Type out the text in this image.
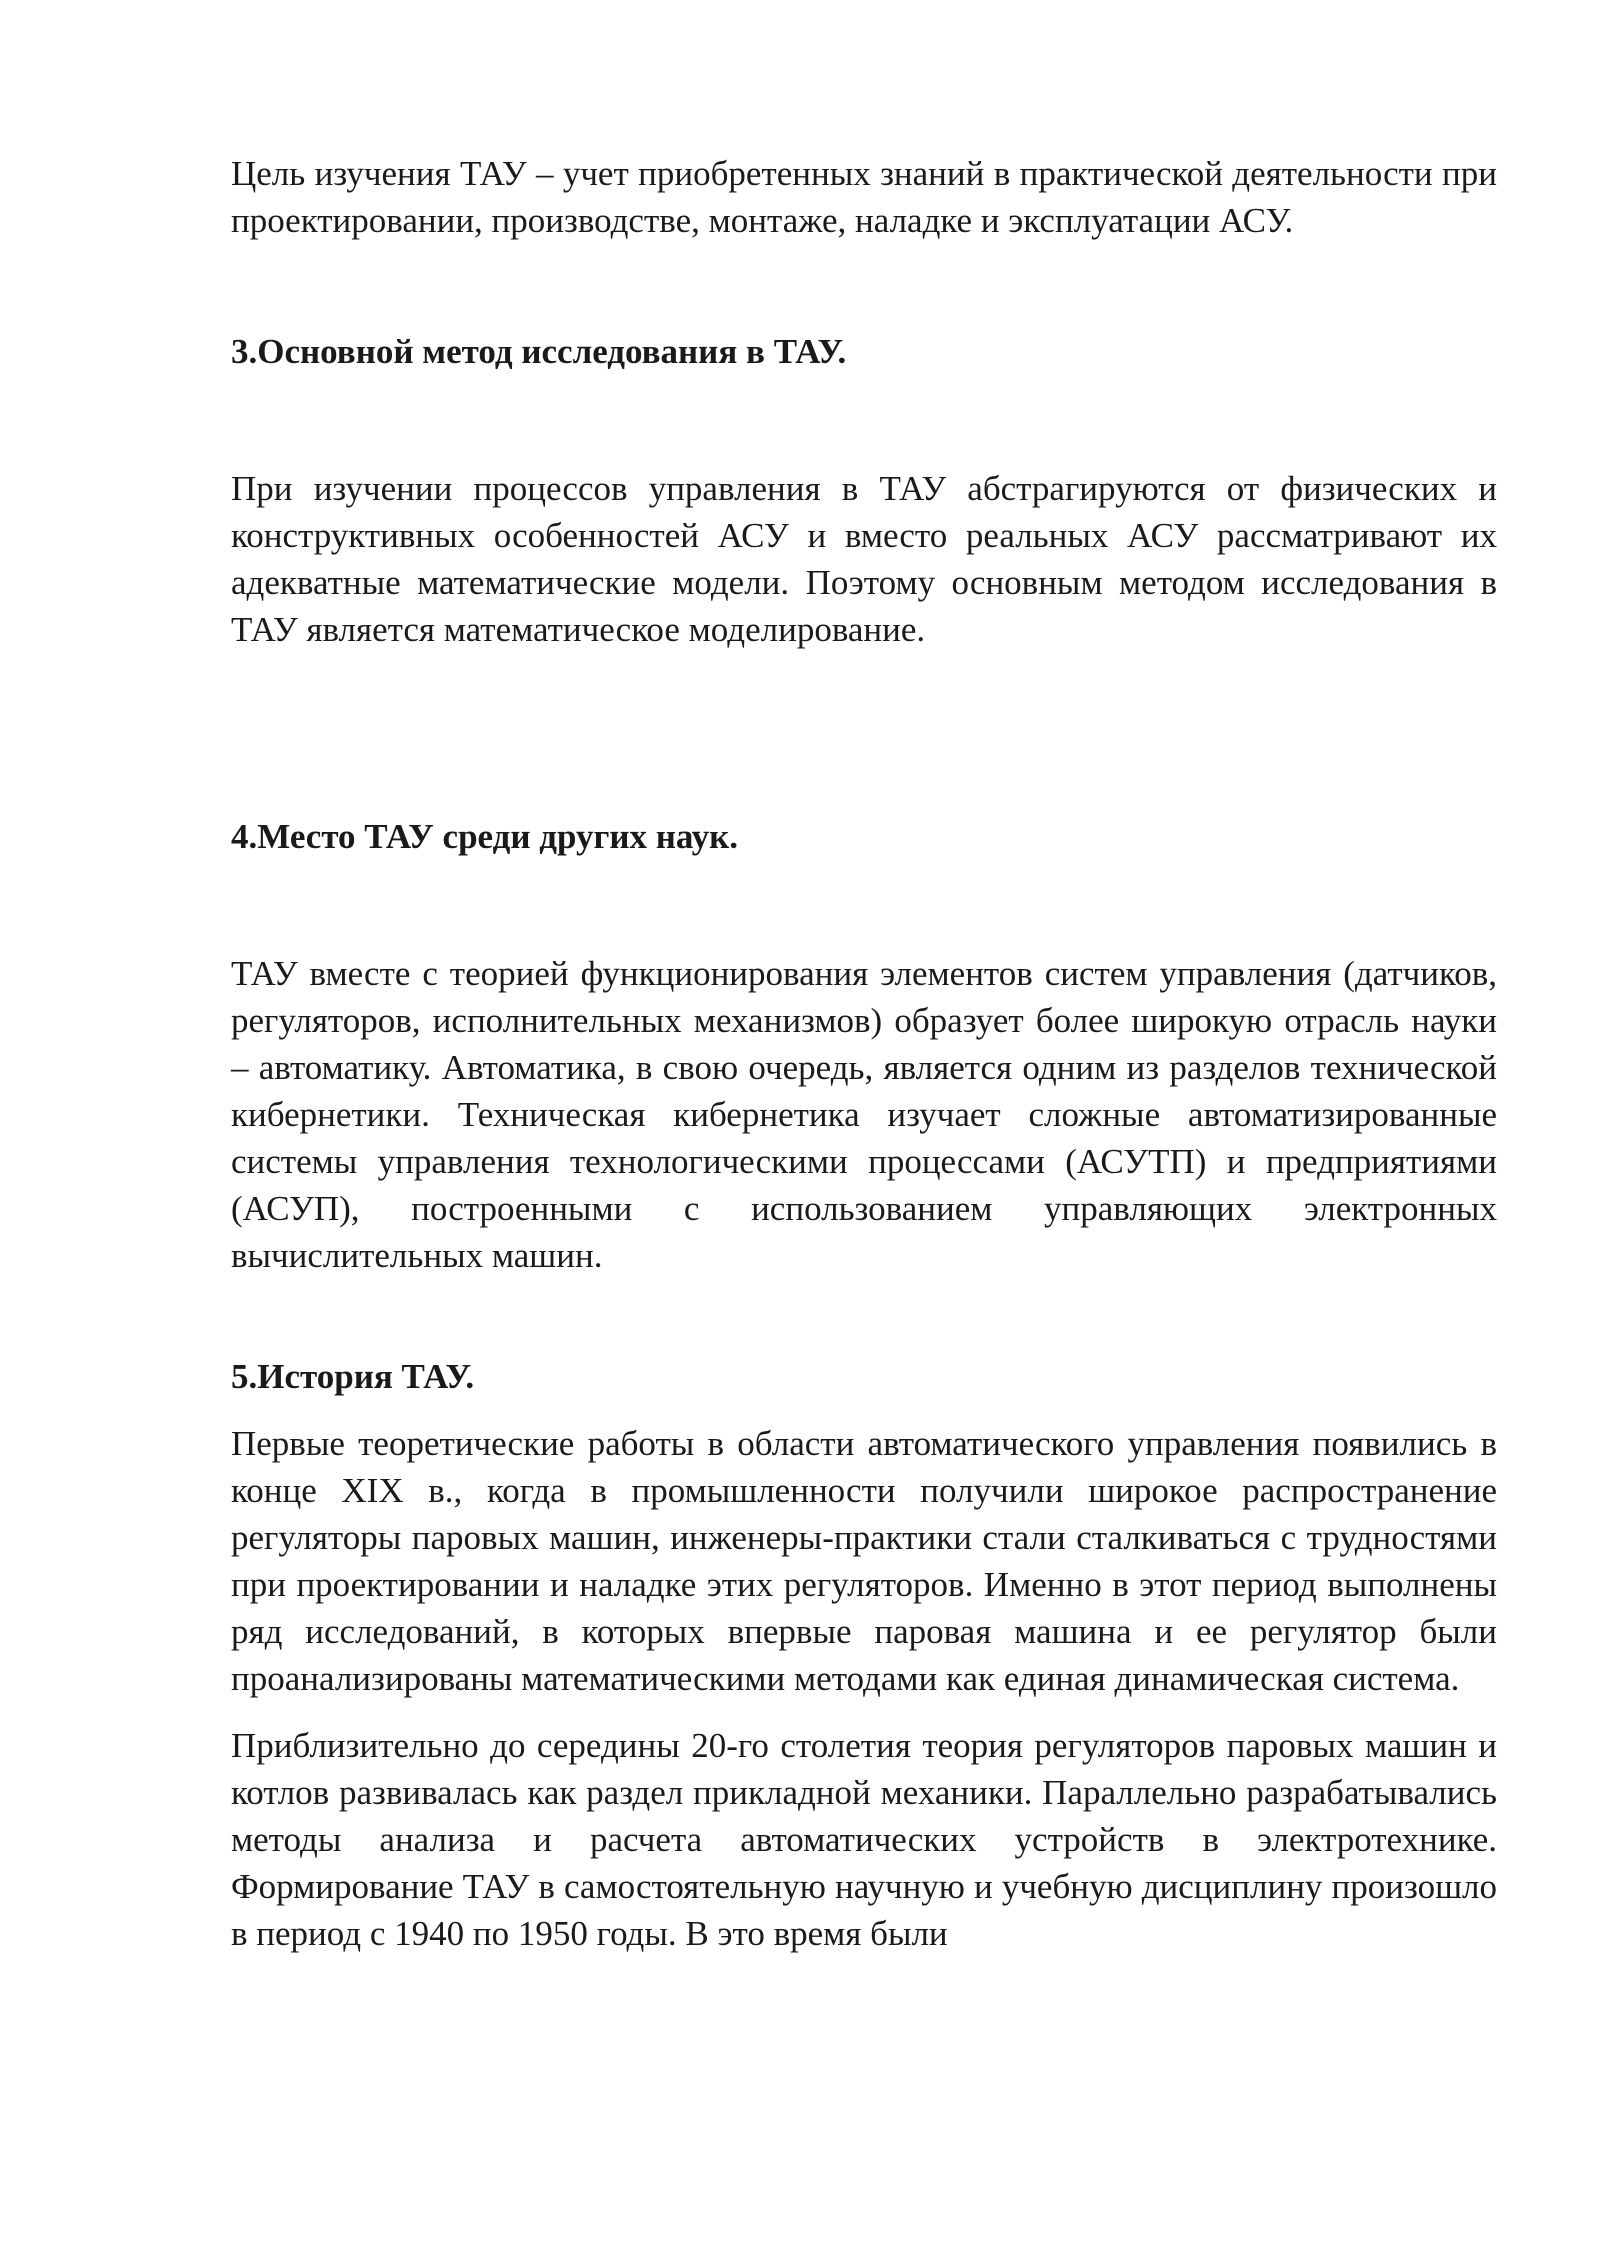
Цель изучения ТАУ – учет приобретенных знаний в практической деятельности при проектировании, производстве, монтаже, наладке и эксплуатации АСУ.

3.Основной метод исследования в ТАУ.

При изучении процессов управления в ТАУ абстрагируются от физических и конструктивных особенностей АСУ и вместо реальных АСУ рассматривают их адекватные математические модели. Поэтому основным методом исследования в ТАУ является математическое моделирование.

4.Место ТАУ среди других наук.

ТАУ вместе с теорией функционирования элементов систем управления (датчиков, регуляторов, исполнительных механизмов) образует более широкую отрасль науки – автоматику. Автоматика, в свою очередь, является одним из разделов технической кибернетики. Техническая кибернетика изучает сложные автоматизированные системы управления технологическими процессами (АСУТП) и предприятиями (АСУП), построенными с использованием управляющих электронных вычислительных машин.

5.История ТАУ.

Первые теоретические работы в области автоматического управления появились в конце XIX в., когда в промышленности получили широкое распространение регуляторы паровых машин, инженеры-практики стали сталкиваться с трудностями при проектировании и наладке этих регуляторов. Именно в этот период выполнены ряд исследований, в которых впервые паровая машина и ее регулятор были проанализированы математическими методами как единая динамическая система.

Приблизительно до середины 20-го столетия теория регуляторов паровых машин и котлов развивалась как раздел прикладной механики. Параллельно разрабатывались методы анализа и расчета автоматических устройств в электротехнике. Формирование ТАУ в самостоятельную научную и учебную дисциплину произошло в период с 1940 по 1950 годы. В это время были
